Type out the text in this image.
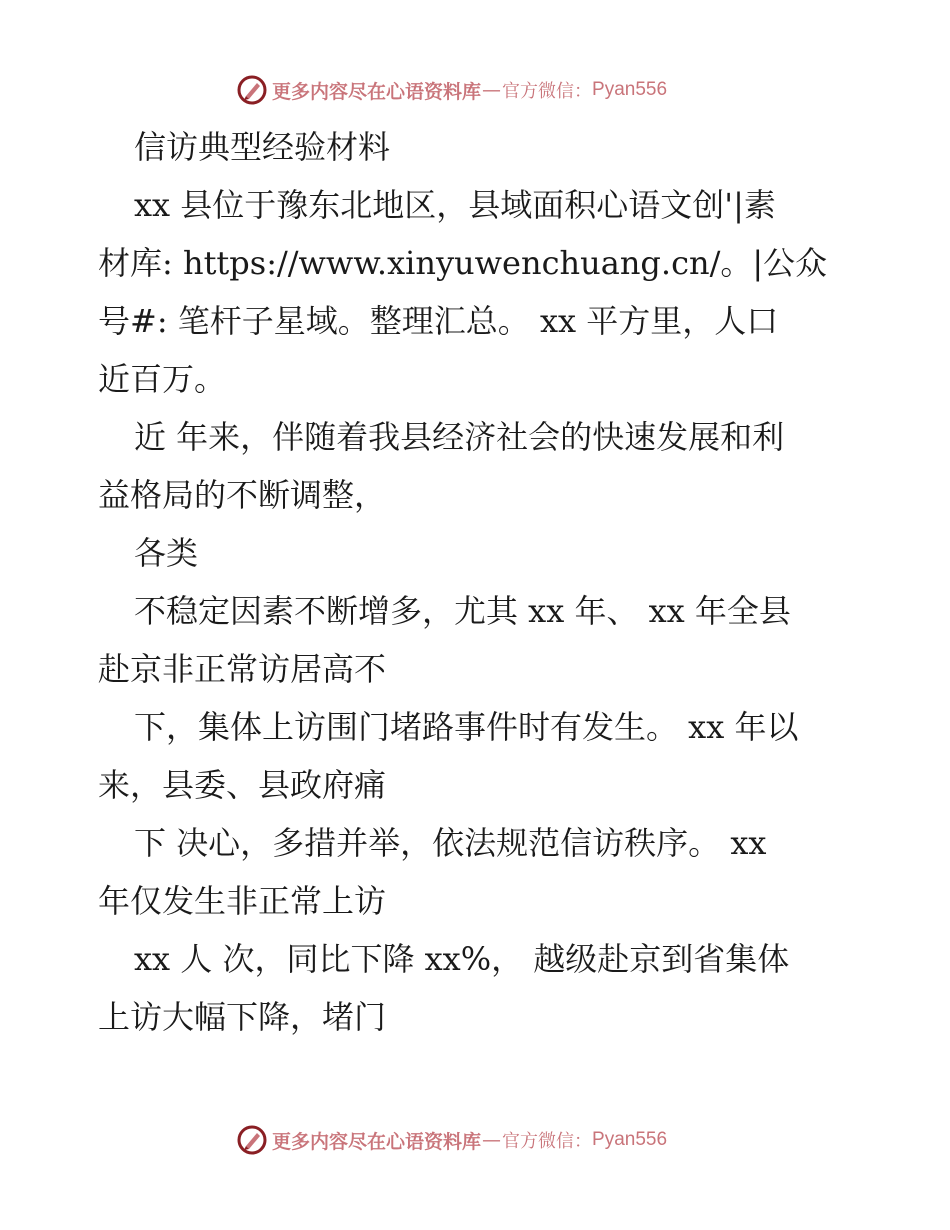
更多内容尽在心语资料库 — 官方微信： Pyan556
信访典型经验材料
xx 县位于豫东北地区，县域面积心语文创'|素
材库: https://www.xinyuwenchuang.cn/。|公众
号#: 笔杆子星域。整理汇总。 xx 平方里，人口
近百万。
近 年来，伴随着我县经济社会的快速发展和利
益格局的不断调整，
各类
不稳定因素不断增多，尤其 xx 年、 xx 年全县
赴京非正常访居高不
下，集体上访围门堵路事件时有发生。 xx 年以
来，县委、县政府痛
下 决心，多措并举，依法规范信访秩序。 xx
年仅发生非正常上访
xx 人 次，同比下降 xx%， 越级赴京到省集体
上访大幅下降，堵门
更多内容尽在心语资料库 — 官方微信： Pyan556
